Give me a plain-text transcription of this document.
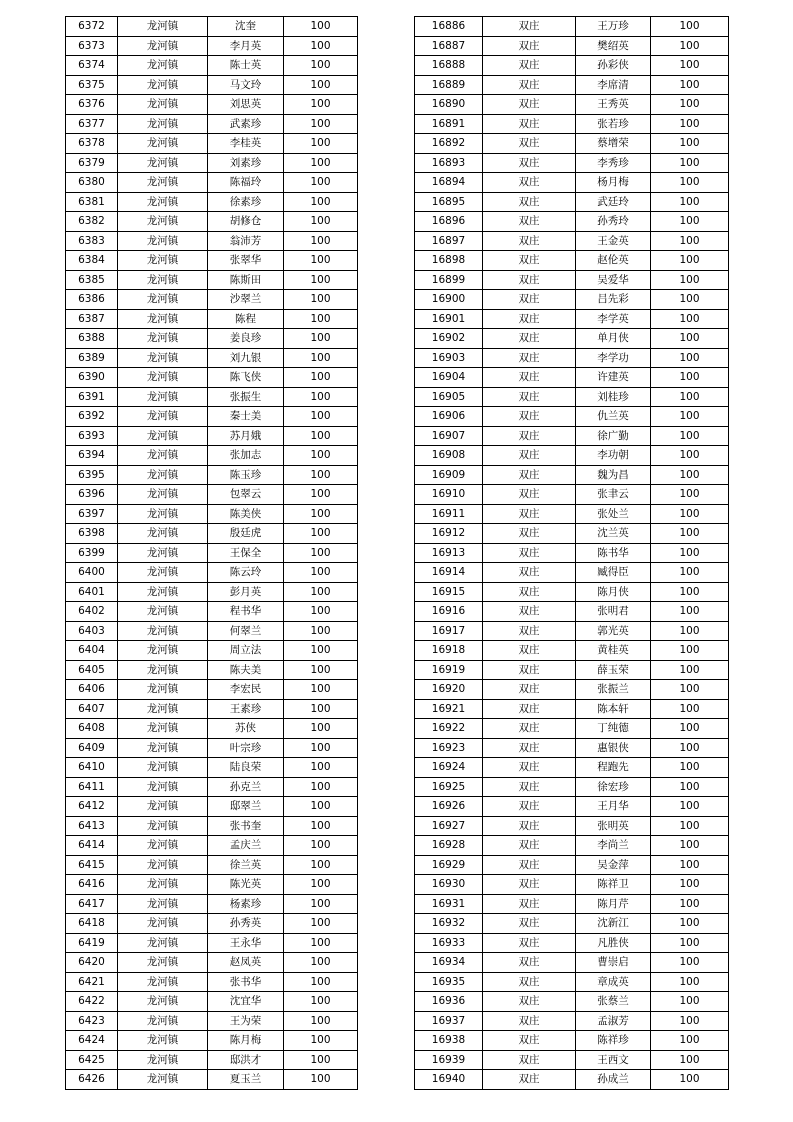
6372	龙河镇	沈奎	100
6373	龙河镇	李月英	100
6374	龙河镇	陈士英	100
6375	龙河镇	马文玲	100
6376	龙河镇	刘思英	100
6377	龙河镇	武素珍	100
6378	龙河镇	李桂英	100
6379	龙河镇	刘素珍	100
6380	龙河镇	陈福玲	100
6381	龙河镇	徐素珍	100
6382	龙河镇	胡修仓	100
6383	龙河镇	翁沛芳	100
6384	龙河镇	张翠华	100
6385	龙河镇	陈斯田	100
6386	龙河镇	沙翠兰	100
6387	龙河镇	陈程	100
6388	龙河镇	姜良珍	100
6389	龙河镇	刘九银	100
6390	龙河镇	陈飞侠	100
6391	龙河镇	张振生	100
6392	龙河镇	秦士美	100
6393	龙河镇	苏月娥	100
6394	龙河镇	张加志	100
6395	龙河镇	陈玉珍	100
6396	龙河镇	包翠云	100
6397	龙河镇	陈美侠	100
6398	龙河镇	殷廷虎	100
6399	龙河镇	王保全	100
6400	龙河镇	陈云玲	100
6401	龙河镇	彭月英	100
6402	龙河镇	程书华	100
6403	龙河镇	何翠兰	100
6404	龙河镇	周立法	100
6405	龙河镇	陈夫美	100
6406	龙河镇	李宏民	100
6407	龙河镇	王素珍	100
6408	龙河镇	苏侠	100
6409	龙河镇	叶宗珍	100
6410	龙河镇	陆良荣	100
6411	龙河镇	孙克兰	100
6412	龙河镇	邸翠兰	100
6413	龙河镇	张书奎	100
6414	龙河镇	孟庆兰	100
6415	龙河镇	徐兰英	100
6416	龙河镇	陈光英	100
6417	龙河镇	杨素珍	100
6418	龙河镇	孙秀英	100
6419	龙河镇	王永华	100
6420	龙河镇	赵凤英	100
6421	龙河镇	张书华	100
6422	龙河镇	沈宜华	100
6423	龙河镇	王为荣	100
6424	龙河镇	陈月梅	100
6425	龙河镇	邸洪才	100
6426	龙河镇	夏玉兰	100
16886	双庄	王万珍	100
16887	双庄	樊绍英	100
16888	双庄	孙彩侠	100
16889	双庄	李席清	100
16890	双庄	王秀英	100
16891	双庄	张若珍	100
16892	双庄	蔡增荣	100
16893	双庄	李秀珍	100
16894	双庄	杨月梅	100
16895	双庄	武廷玲	100
16896	双庄	孙秀玲	100
16897	双庄	王金英	100
16898	双庄	赵伦英	100
16899	双庄	吴爱华	100
16900	双庄	吕先彩	100
16901	双庄	李学英	100
16902	双庄	单月侠	100
16903	双庄	李学功	100
16904	双庄	许建英	100
16905	双庄	刘桂珍	100
16906	双庄	仇兰英	100
16907	双庄	徐广勤	100
16908	双庄	李功朝	100
16909	双庄	魏为昌	100
16910	双庄	张聿云	100
16911	双庄	张处兰	100
16912	双庄	沈兰英	100
16913	双庄	陈书华	100
16914	双庄	臧得臣	100
16915	双庄	陈月侠	100
16916	双庄	张明君	100
16917	双庄	郭光英	100
16918	双庄	黄桂英	100
16919	双庄	薛玉荣	100
16920	双庄	张振兰	100
16921	双庄	陈本轩	100
16922	双庄	丁纯德	100
16923	双庄	惠银侠	100
16924	双庄	程跑先	100
16925	双庄	徐宏珍	100
16926	双庄	王月华	100
16927	双庄	张明英	100
16928	双庄	李尚兰	100
16929	双庄	吴金萍	100
16930	双庄	陈祥卫	100
16931	双庄	陈月芹	100
16932	双庄	沈新江	100
16933	双庄	凡胜侠	100
16934	双庄	曹崇启	100
16935	双庄	章成英	100
16936	双庄	张蔡兰	100
16937	双庄	孟淑芳	100
16938	双庄	陈祥珍	100
16939	双庄	王西文	100
16940	双庄	孙成兰	100
